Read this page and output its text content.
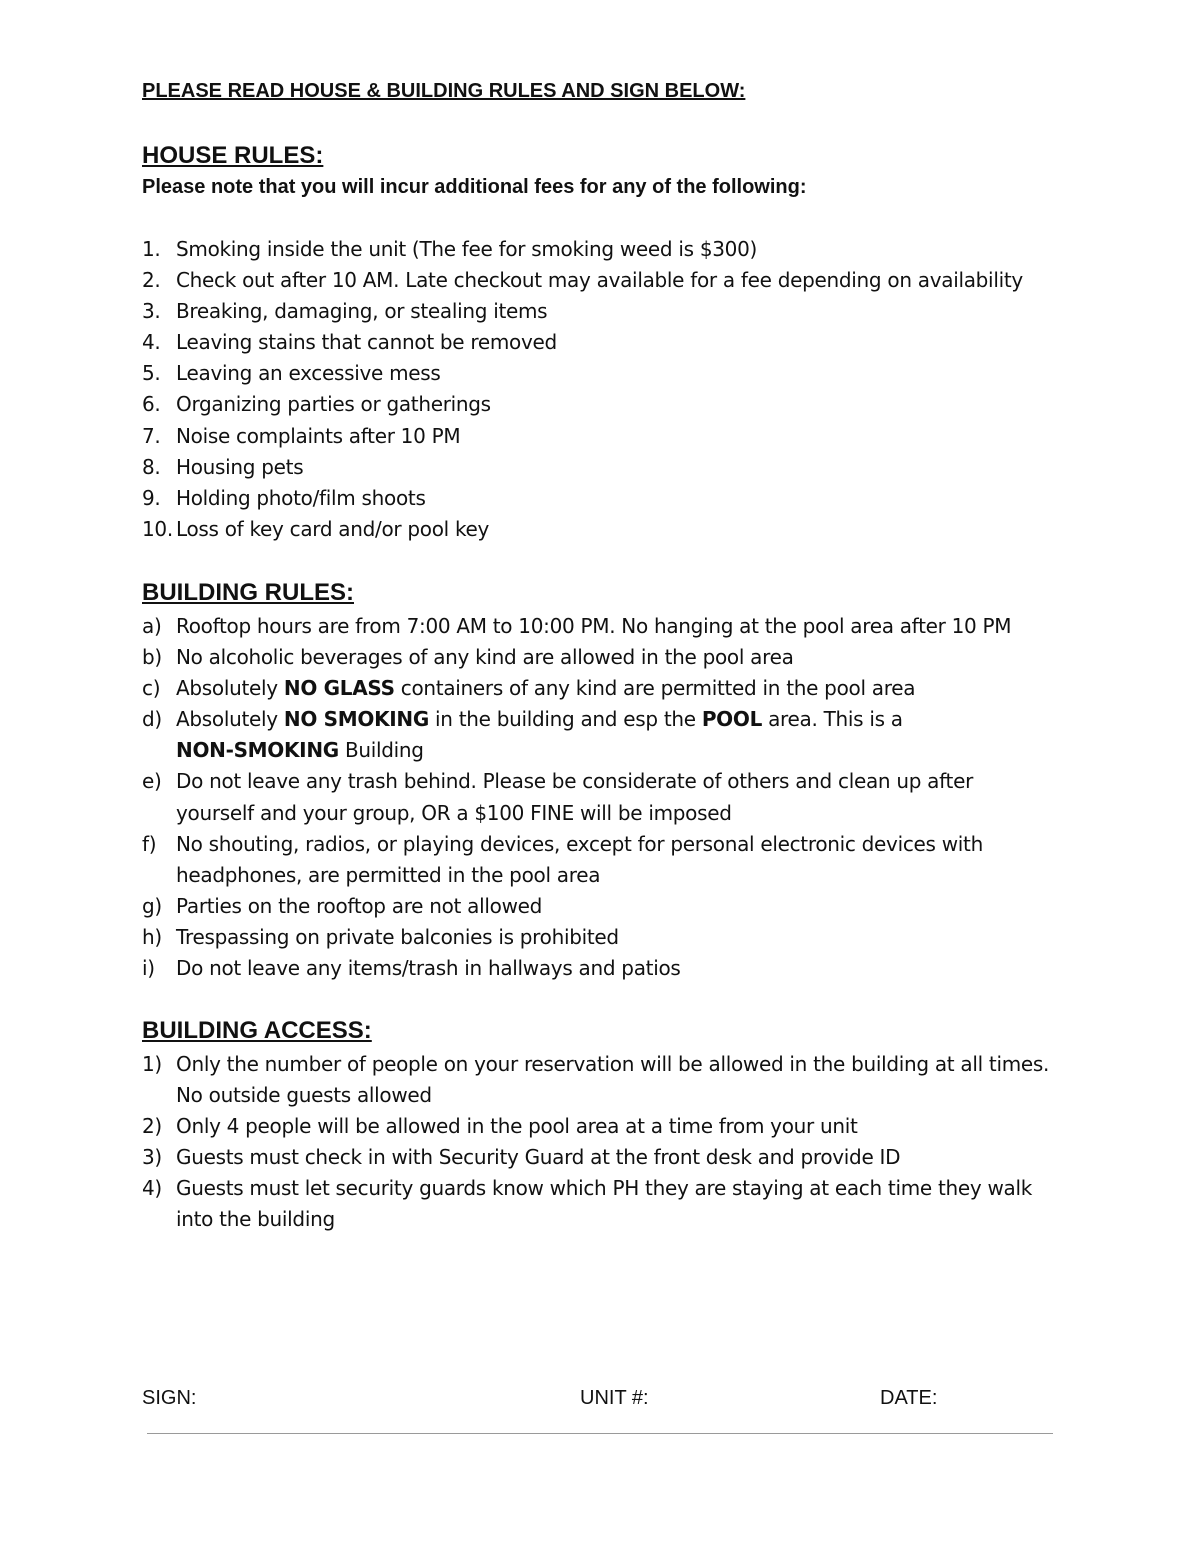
PLEASE READ HOUSE & BUILDING RULES AND SIGN BELOW:
HOUSE RULES:
Please note that you will incur additional fees for any of the following:
1. Smoking inside the unit (The fee for smoking weed is $300)
2. Check out after 10 AM. Late checkout may available for a fee depending on availability
3. Breaking, damaging, or stealing items
4. Leaving stains that cannot be removed
5. Leaving an excessive mess
6. Organizing parties or gatherings
7. Noise complaints after 10 PM
8. Housing pets
9. Holding photo/film shoots
10. Loss of key card and/or pool key
BUILDING RULES:
a) Rooftop hours are from 7:00 AM to 10:00 PM. No hanging at the pool area after 10 PM
b) No alcoholic beverages of any kind are allowed in the pool area
c) Absolutely NO GLASS containers of any kind are permitted in the pool area
d) Absolutely NO SMOKING in the building and esp the POOL area. This is a
NON-SMOKING Building
e) Do not leave any trash behind. Please be considerate of others and clean up after
yourself and your group, OR a $100 FINE will be imposed
f) No shouting, radios, or playing devices, except for personal electronic devices with
headphones, are permitted in the pool area
g) Parties on the rooftop are not allowed
h) Trespassing on private balconies is prohibited
i) Do not leave any items/trash in hallways and patios
BUILDING ACCESS:
1) Only the number of people on your reservation will be allowed in the building at all times.
No outside guests allowed
2) Only 4 people will be allowed in the pool area at a time from your unit
3) Guests must check in with Security Guard at the front desk and provide ID
4) Guests must let security guards know which PH they are staying at each time they walk
into the building
SIGN:	UNIT #:	DATE:
